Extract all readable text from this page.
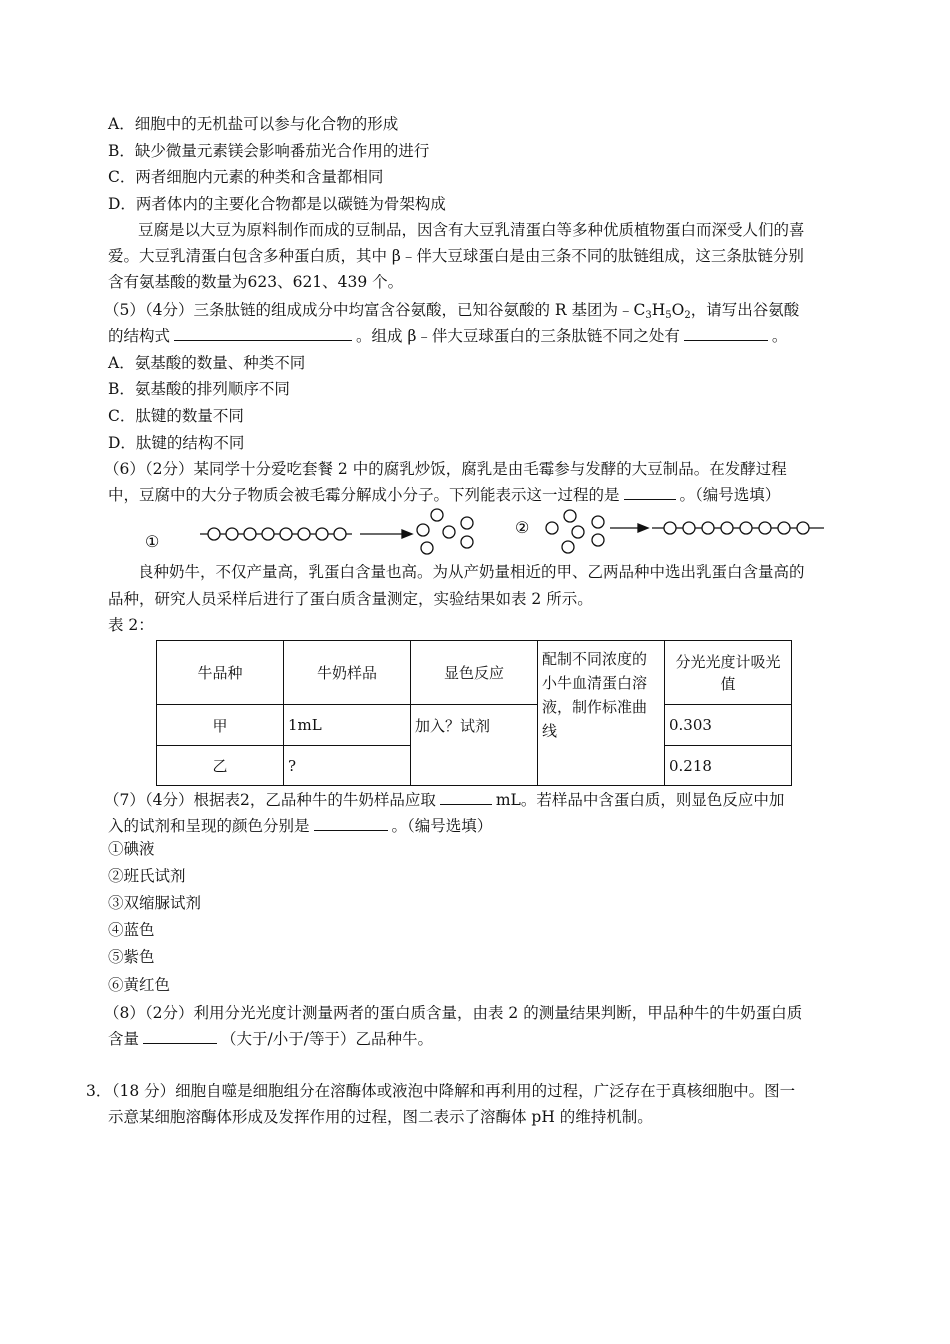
A．细胞中的无机盐可以参与化合物的形成
B．缺少微量元素镁会影响番茄光合作用的进行
C．两者细胞内元素的种类和含量都相同
D．两者体内的主要化合物都是以碳链为骨架构成
豆腐是以大豆为原料制作而成的豆制品，因含有大豆乳清蛋白等多种优质植物蛋白而深受人们的喜
爱。大豆乳清蛋白包含多种蛋白质，其中 β﹣伴大豆球蛋白是由三条不同的肽链组成，这三条肽链分别
含有氨基酸的数量为623、621、439 个。
（5）（4分）三条肽链的组成成分中均富含谷氨酸，已知谷氨酸的 R 基团为$﹣C_3H_5O_2$，请写出谷氨酸
的结构式	。组成 β﹣伴大豆球蛋白的三条肽链不同之处有	。
A．氨基酸的数量、种类不同
B．氨基酸的排列顺序不同
C．肽键的数量不同
D．肽键的结构不同
（6）（2分）某同学十分爱吃套餐 2 中的腐乳炒饭，腐乳是由毛霉参与发酵的大豆制品。在发酵过程
中，豆腐中的大分子物质会被毛霉分解成小分子。下列能表示这一过程的是	。（编号选填）
①
②
良种奶牛，不仅产量高，乳蛋白含量也高。为从产奶量相近的甲、乙两品种中选出乳蛋白含量高的
品种，研究人员采样后进行了蛋白质含量测定，实验结果如表 2 所示。
表 2：
牛品种	牛奶样品	显色反应	配制不同浓度的小牛血清蛋白溶液，制作标准曲线	分光光度计吸光值
甲	1mL	加入？试剂		0.303
乙	?			0.218
（7）（4分）根据表2，乙品种牛的牛奶样品应取	mL。若样品中含蛋白质，则显色反应中加
入的试剂和呈现的颜色分别是	。（编号选填）
①碘液
②班氏试剂
③双缩脲试剂
④蓝色
⑤紫色
⑥黄红色
（8）（2分）利用分光光度计测量两者的蛋白质含量，由表 2 的测量结果判断，甲品种牛的牛奶蛋白质
含量	（大于/小于/等于）乙品种牛。
3．
（18 分）细胞自噬是细胞组分在溶酶体或液泡中降解和再利用的过程，广泛存在于真核细胞中。图一
示意某细胞溶酶体形成及发挥作用的过程，图二表示了溶酶体 pH 的维持机制。
